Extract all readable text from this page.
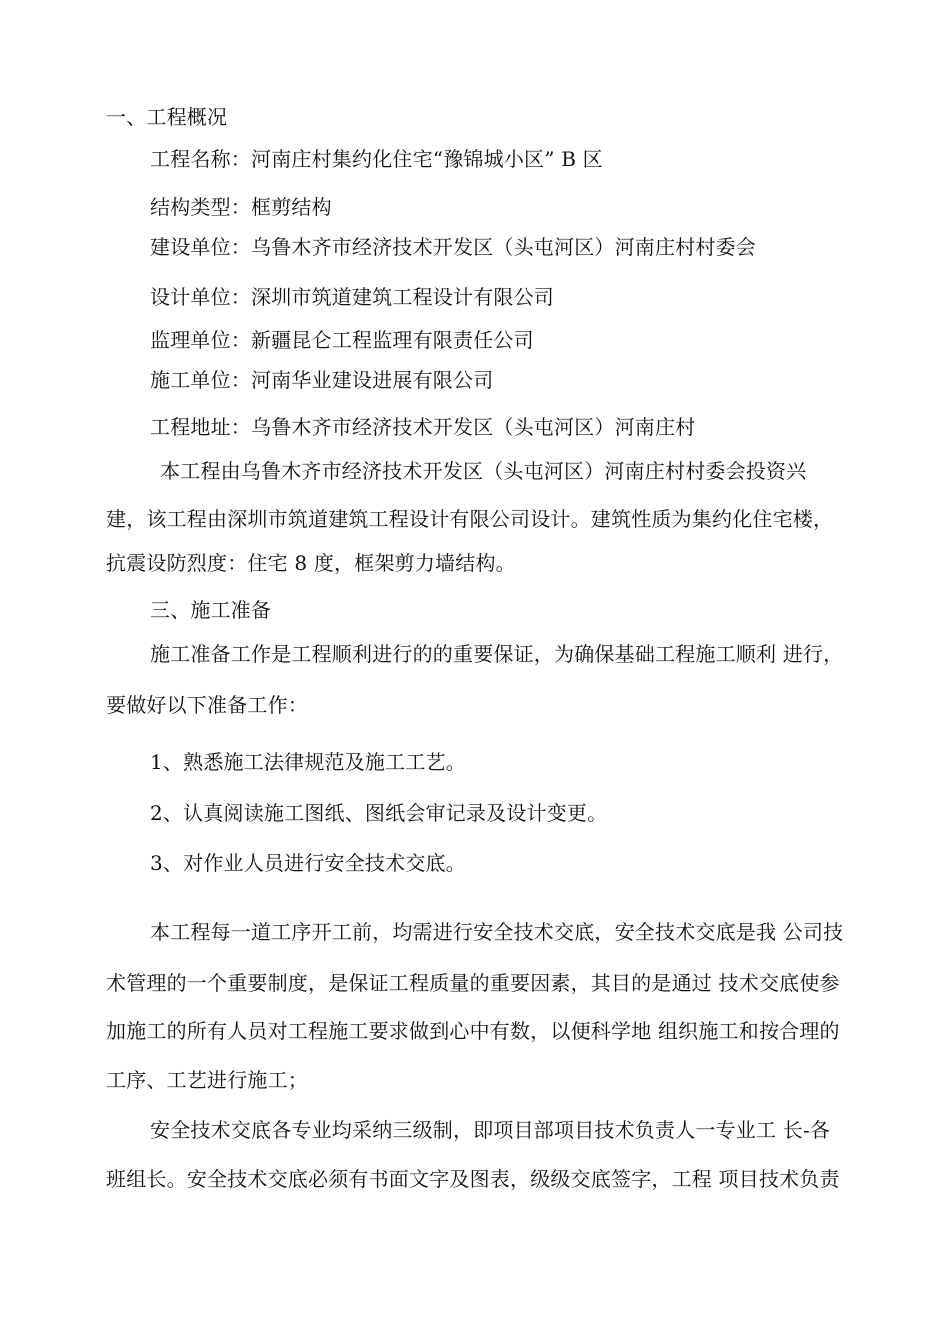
一、工程概况
工程名称：河南庄村集约化住宅“豫锦城小区” B 区
结构类型：框剪结构
建设单位：乌鲁木齐市经济技术开发区（头屯河区）河南庄村村委会
设计单位：深圳市筑道建筑工程设计有限公司
监理单位：新疆昆仑工程监理有限责任公司
施工单位：河南华业建设进展有限公司
工程地址：乌鲁木齐市经济技术开发区（头屯河区）河南庄村
本工程由乌鲁木齐市经济技术开发区（头屯河区）河南庄村村委会投资兴
建，该工程由深圳市筑道建筑工程设计有限公司设计。建筑性质为集约化住宅楼，
抗震设防烈度：住宅 8 度，框架剪力墙结构。
三、施工准备
施工准备工作是工程顺利进行的的重要保证，为确保基础工程施工顺利 进行，
要做好以下准备工作：
1、熟悉施工法律规范及施工工艺。
2、认真阅读施工图纸、图纸会审记录及设计变更。
3、对作业人员进行安全技术交底。
本工程每一道工序开工前，均需进行安全技术交底，安全技术交底是我 公司技
术管理的一个重要制度，是保证工程质量的重要因素，其目的是通过 技术交底使参
加施工的所有人员对工程施工要求做到心中有数，以便科学地 组织施工和按合理的
工序、工艺进行施工；
安全技术交底各专业均采纳三级制，即项目部项目技术负责人一专业工 长-各
班组长。安全技术交底必须有书面文字及图表，级级交底签字，工程 项目技术负责
